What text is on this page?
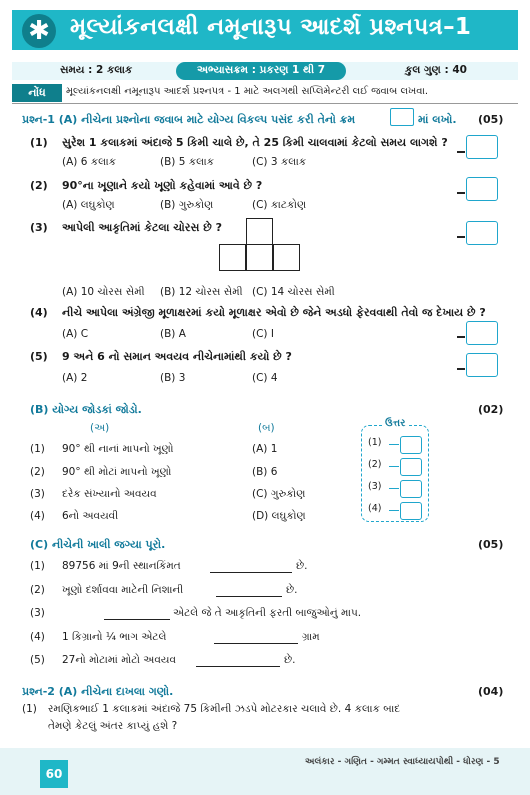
✱ મૂલ્યાંકનલક્ષી નમૂનારૂપ આદર્શ પ્રશ્નપત્ર–1
સમય : 2 કલાક	અભ્યાસક્રમ : પ્રકરણ 1 થી 7	કુલ ગુણ : 40
નોંધ	મૂલ્યાંકનલક્ષી નમૂનારૂપ આદર્શ પ્રશ્નપત્ર - 1 માટે અલગથી સપ્લિમેન્ટરી લઈ જવાબ લખવા.
પ્રશ્ન-1 (A) નીચેના પ્રશ્નોના જવાબ માટે યોગ્ય વિકલ્પ પસંદ કરી તેનો ક્રમ	માં લખો. (05)
(1) સુરેશ 1 કલાકમાં અંદાજે 5 કિમી ચાલે છે, તે 25 કિમી ચાલવામાં કેટલો સમય લાગશે ?
(A) 6 કલાક	(B) 5 કલાક	(C) 3 કલાક
(2) 90°ના ખૂણાને કયો ખૂણો કહેવામાં આવે છે ?
(A) લઘુકોણ	(B) ગુરુકોણ	(C) કાટકોણ
(3) આપેલી આકૃતિમાં કેટલા ચોરસ છે ?
(A) 10 ચોરસ સેમી (B) 12 ચોરસ સેમી (C) 14 ચોરસ સેમી
(4) નીચે આપેલા અંગ્રેજી મૂળાક્ષરમાં કયો મૂળાક્ષર એવો છે જેને અડધો ફેરવવાથી તેવો જ દેખાય છે ?
(A) C	(B) A	(C) I
(5) 9 અને 6 નો સમાન અવયવ નીચેનામાંથી કયો છે ?
(A) 2	(B) 3	(C) 4
(B) યોગ્ય જોડકાં જોડો.	(02)
(અ)	(બ)	ઉત્તર
(1) 90° થી નાનાં માપનો ખૂણો	(A) 1
(1)
(2) 90° થી મોટાં માપનો ખૂણો	(B) 6
(2)
(3) દરેક સંખ્યાનો અવયવ	(C) ગુરુકોણ
(3)
(4) 6નો અવયવી	(D) લઘુકોણ
(4)
(C) નીચેની ખાલી જગ્યા પૂરો.	(05)
(1) 89756 માં 9ની સ્થાનકિંમત	છે.
(2) ખૂણો દર્શાવવા માટેની નિશાની	છે.
(3)	એટલે જે તે આકૃતિની ફરતી બાજુઓનું માપ.
(4) 1 કિગ્રાનો ¼ ભાગ એટલે	ગ્રામ
(5) 27નો મોટામાં મોટો અવયવ	છે.
પ્રશ્ન-2 (A) નીચેના દાખલા ગણો.	(04)
(1) રમણિકભાઈ 1 કલાકમાં અંદાજે 75 કિમીની ઝડપે મોટરકાર ચલાવે છે. 4 કલાક બાદ
તેમણે કેટલું અંતર કાપ્યું હશે ?
60
અલંકાર - ગણિત - ગમ્મત સ્વાધ્યાયપોથી - ધોરણ - 5
